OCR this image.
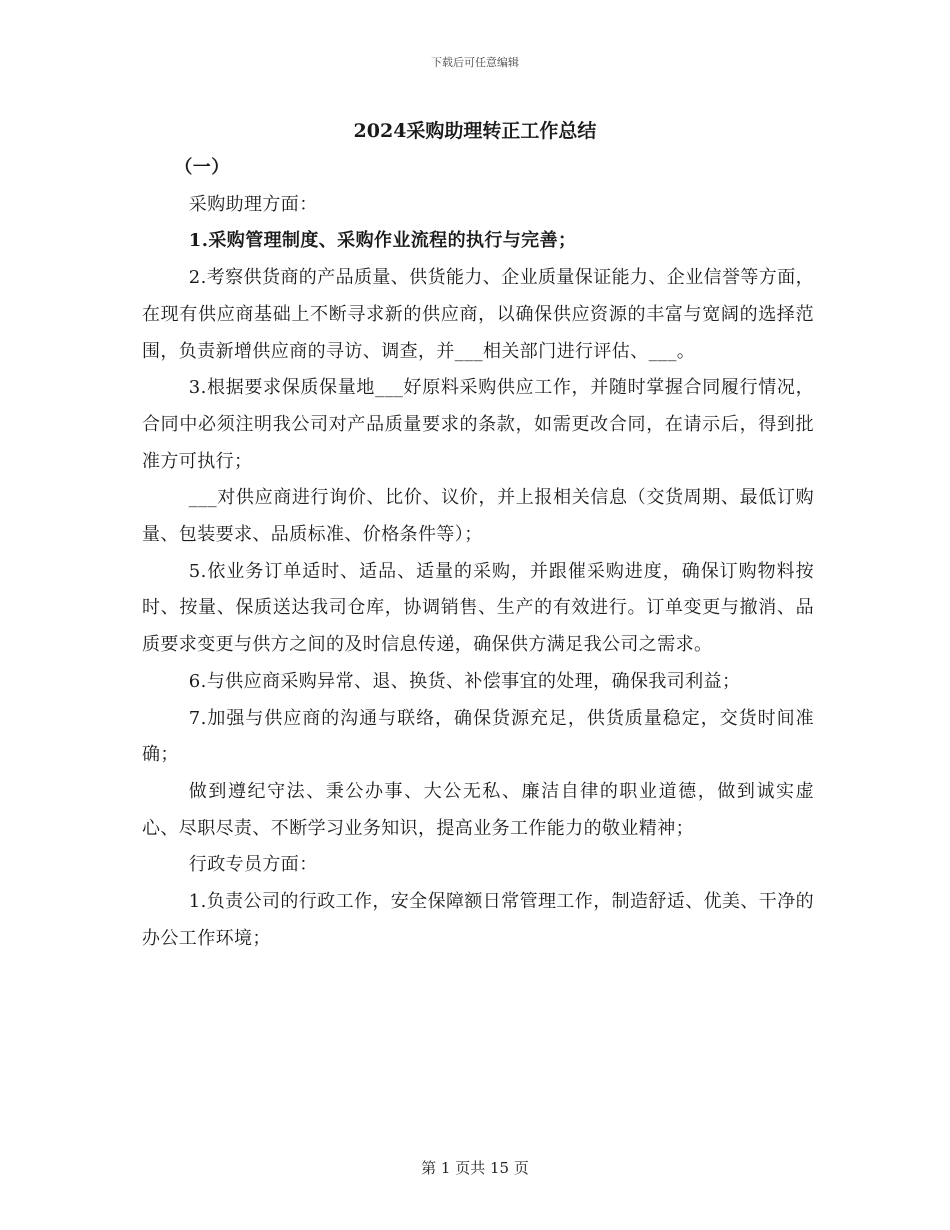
下载后可任意编辑
2024采购助理转正工作总结

（一）

采购助理方面：

1.采购管理制度、采购作业流程的执行与完善；

2.考察供货商的产品质量、供货能力、企业质量保证能力、企业信誉等方面，在现有供应商基础上不断寻求新的供应商，以确保供应资源的丰富与宽阔的选择范围，负责新增供应商的寻访、调查，并___相关部门进行评估、___。

3.根据要求保质保量地___好原料采购供应工作，并随时掌握合同履行情况，合同中必须注明我公司对产品质量要求的条款，如需更改合同，在请示后，得到批准方可执行；

___对供应商进行询价、比价、议价，并上报相关信息（交货周期、最低订购量、包装要求、品质标准、价格条件等）；

5.依业务订单适时、适品、适量的采购，并跟催采购进度，确保订购物料按时、按量、保质送达我司仓库，协调销售、生产的有效进行。订单变更与撤消、品质要求变更与供方之间的及时信息传递，确保供方满足我公司之需求。

6.与供应商采购异常、退、换货、补偿事宜的处理，确保我司利益；

7.加强与供应商的沟通与联络，确保货源充足，供货质量稳定，交货时间准确；

做到遵纪守法、秉公办事、大公无私、廉洁自律的职业道德，做到诚实虚心、尽职尽责、不断学习业务知识，提高业务工作能力的敬业精神；

行政专员方面：

1.负责公司的行政工作，安全保障额日常管理工作，制造舒适、优美、干净的办公工作环境；

第 1 页共 15 页
